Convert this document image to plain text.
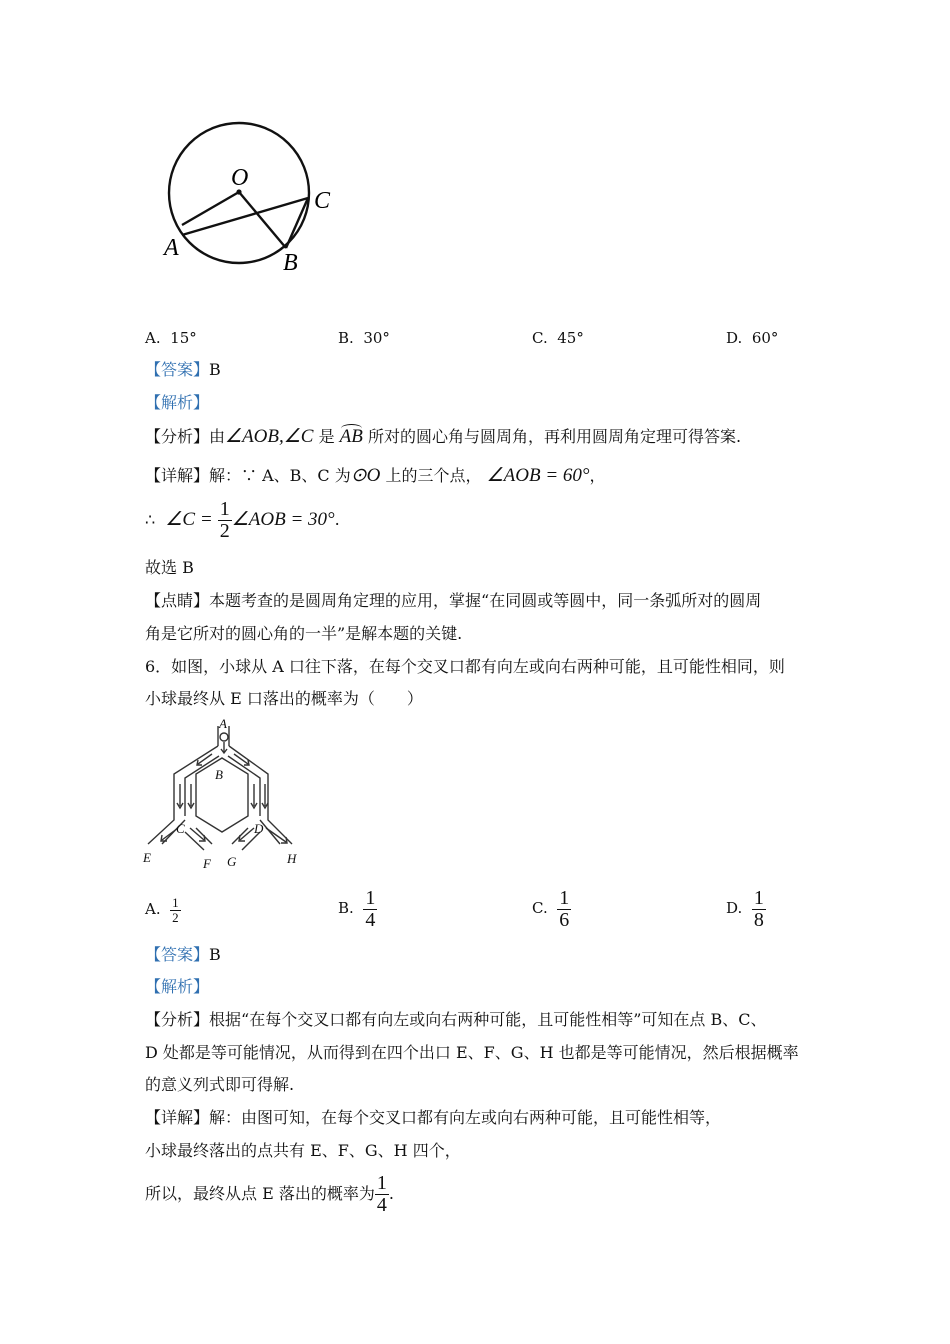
O
A
B
C
A. 15°	B. 30°	C. 45°	D. 60°
【答案】B
【解析】
【分析】由∠AOB,∠C 是 AB 所对的圆心角与圆周角，再利用圆周角定理可得答案.
【详解】解：∵ A、B、C 为⊙O 上的三个点， ∠AOB = 60°，
∴ ∠C = $\frac{1}{2}$ ∠AOB = 30°.
故选 B
【点睛】本题考查的是圆周角定理的应用，掌握“在同圆或等圆中，同一条弧所对的圆周
角是它所对的圆心角的一半”是解本题的关键.
6．如图，小球从 A 口往下落，在每个交叉口都有向左或向右两种可能，且可能性相同，则
小球最终从 E 口落出的概率为（　　）
A
B
C	D
E	F G	H
A. $\frac{1}{2}$	B. $\frac{1}{4}$	C. $\frac{1}{6}$	D. $\frac{1}{8}$
【答案】B
【解析】
【分析】根据“在每个交叉口都有向左或向右两种可能，且可能性相等”可知在点 B、C、
D 处都是等可能情况，从而得到在四个出口 E、F、G、H 也都是等可能情况，然后根据概率
的意义列式即可得解.
【详解】解：由图可知，在每个交叉口都有向左或向右两种可能，且可能性相等，
小球最终落出的点共有 E、F、G、H 四个，
所以，最终从点 E 落出的概率为 $\frac{1}{4}$ .
